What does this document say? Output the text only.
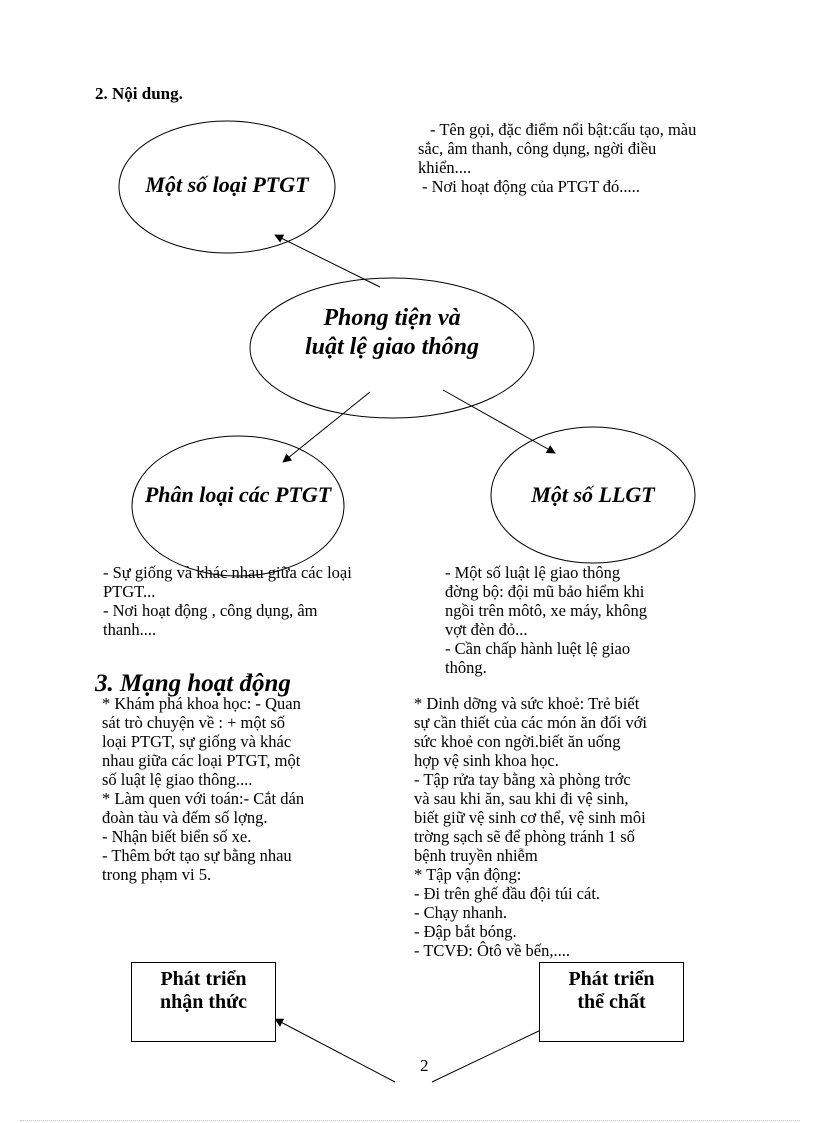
2. Nội dung.
Một số loại PTGT
Phong tiện và
luật lệ giao thông
Phân loại các PTGT	Một số LLGT
- Tên gọi, đặc điểm nổi bật:cấu tạo, màu
sắc, âm thanh, công dụng, ngời điều
khiển....
- Nơi hoạt động của PTGT đó.....
- Sự giống và khác nhau giữa các loại
PTGT...
- Nơi hoạt động , công dụng, âm
thanh....
- Một số luật lệ giao thông
đờng bộ: đội mũ bảo hiểm khi
ngồi trên môtô, xe máy, không
vợt đèn đỏ...
- Cần chấp hành luệt lệ giao
thông.
3. Mạng hoạt động
* Khám phá khoa học: - Quan
sát trò chuyện về : + một số
loại PTGT, sự giống và khác
nhau giữa các loại PTGT, một
số luật lệ giao thông....
* Làm quen với toán:- Cắt dán
đoàn tàu và đếm số lợng.
- Nhận biết biển số xe.
- Thêm bớt tạo sự bằng nhau
trong phạm vi 5.
* Dinh dỡng và sức khoẻ: Trẻ biết
sự cần thiết của các món ăn đối với
sức khoẻ con ngời.biết ăn uống
hợp vệ sinh khoa học.
- Tập rửa tay bằng xà phòng trớc
và sau khi ăn, sau khi đi vệ sinh,
biết giữ vệ sinh cơ thể, vệ sinh môi
trờng sạch sẽ để phòng tránh 1 số
bệnh truyền nhiễm
* Tập vận động:
- Đi trên ghế đầu đội túi cát.
- Chạy nhanh.
- Đập bắt bóng.
- TCVĐ: Ôtô về bến,....
Phát triển
nhận thức
Phát triển
thể chất
2
